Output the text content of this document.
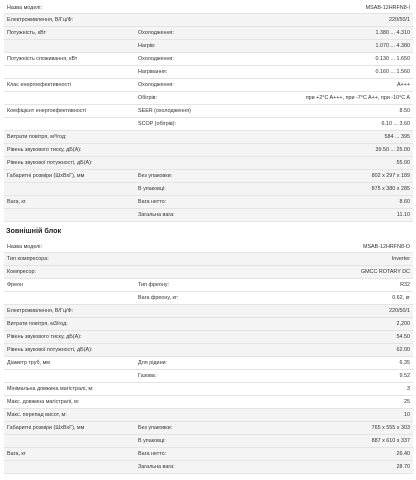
Назва моделі:	MSAB-12HRFN8-I
Електроживлення, В/Гц/Ф:	220/50/1
Потужність, кВт	Охолодження:	1.380 ... 4.310
Нагрів:	1.070 ... 4.380
Потужність споживання, кВт	Охолодження:	0.130 ... 1.650
Нагрівання:	0.160 ... 1.560
Клас енергоефективності	Охолодження:	A+++
Обігрів:	при +2°C A+++, при -7°C A++, при -10°C A
Коефіцієнт енергоефективності	SEER (охолодження)	8.50
SCOP (обігрів):	6.10 ... 3.60
Витрати повітря, м³/год:	584 ... 395
Рівень звукового тиску, дБ(А):	39.50 ... 25.00
Рівень звукової потужності, дБ(А):	55.00
Габаритні розміри (ШхВхГ), мм	Без упаковки:	802 x 297 x 189
В упаковці:	875 x 380 x 285
Вага, кг	Вага нетто:	8.60
Загальна вага:	11.10
Зовнішній блок
Назва моделі:	MSAB-12HRFN8-O
Тип компресора:	Inverter
Компресор:	GMCC ROTARY DC
Фреон	Тип фреону:	R32
Вага фреону, кг:	0.62, кг
Електроживлення, В/Гц/Ф:	220/50/1
Витрати повітря, м3/год:	2,200
Рівень звукового тиску, дБ(А):	54.50
Рівень звукової потужності, дБ(А):	62.00
Діаметр труб, мм	Для рідини:	6.35
Газова:	9.52
Мінімальна довжина магістралі, м:	3
Макс. довжина магістралі, м:	25
Макс. перепад висот, м:	10
Габаритні розміри (ШхВхГ), мм	Без упаковки:	765 x 555 x 303
В упаковці:	887 x 610 x 337
Вага, кг	Вага нетто:	26.40
Загальна вага:	28.70
